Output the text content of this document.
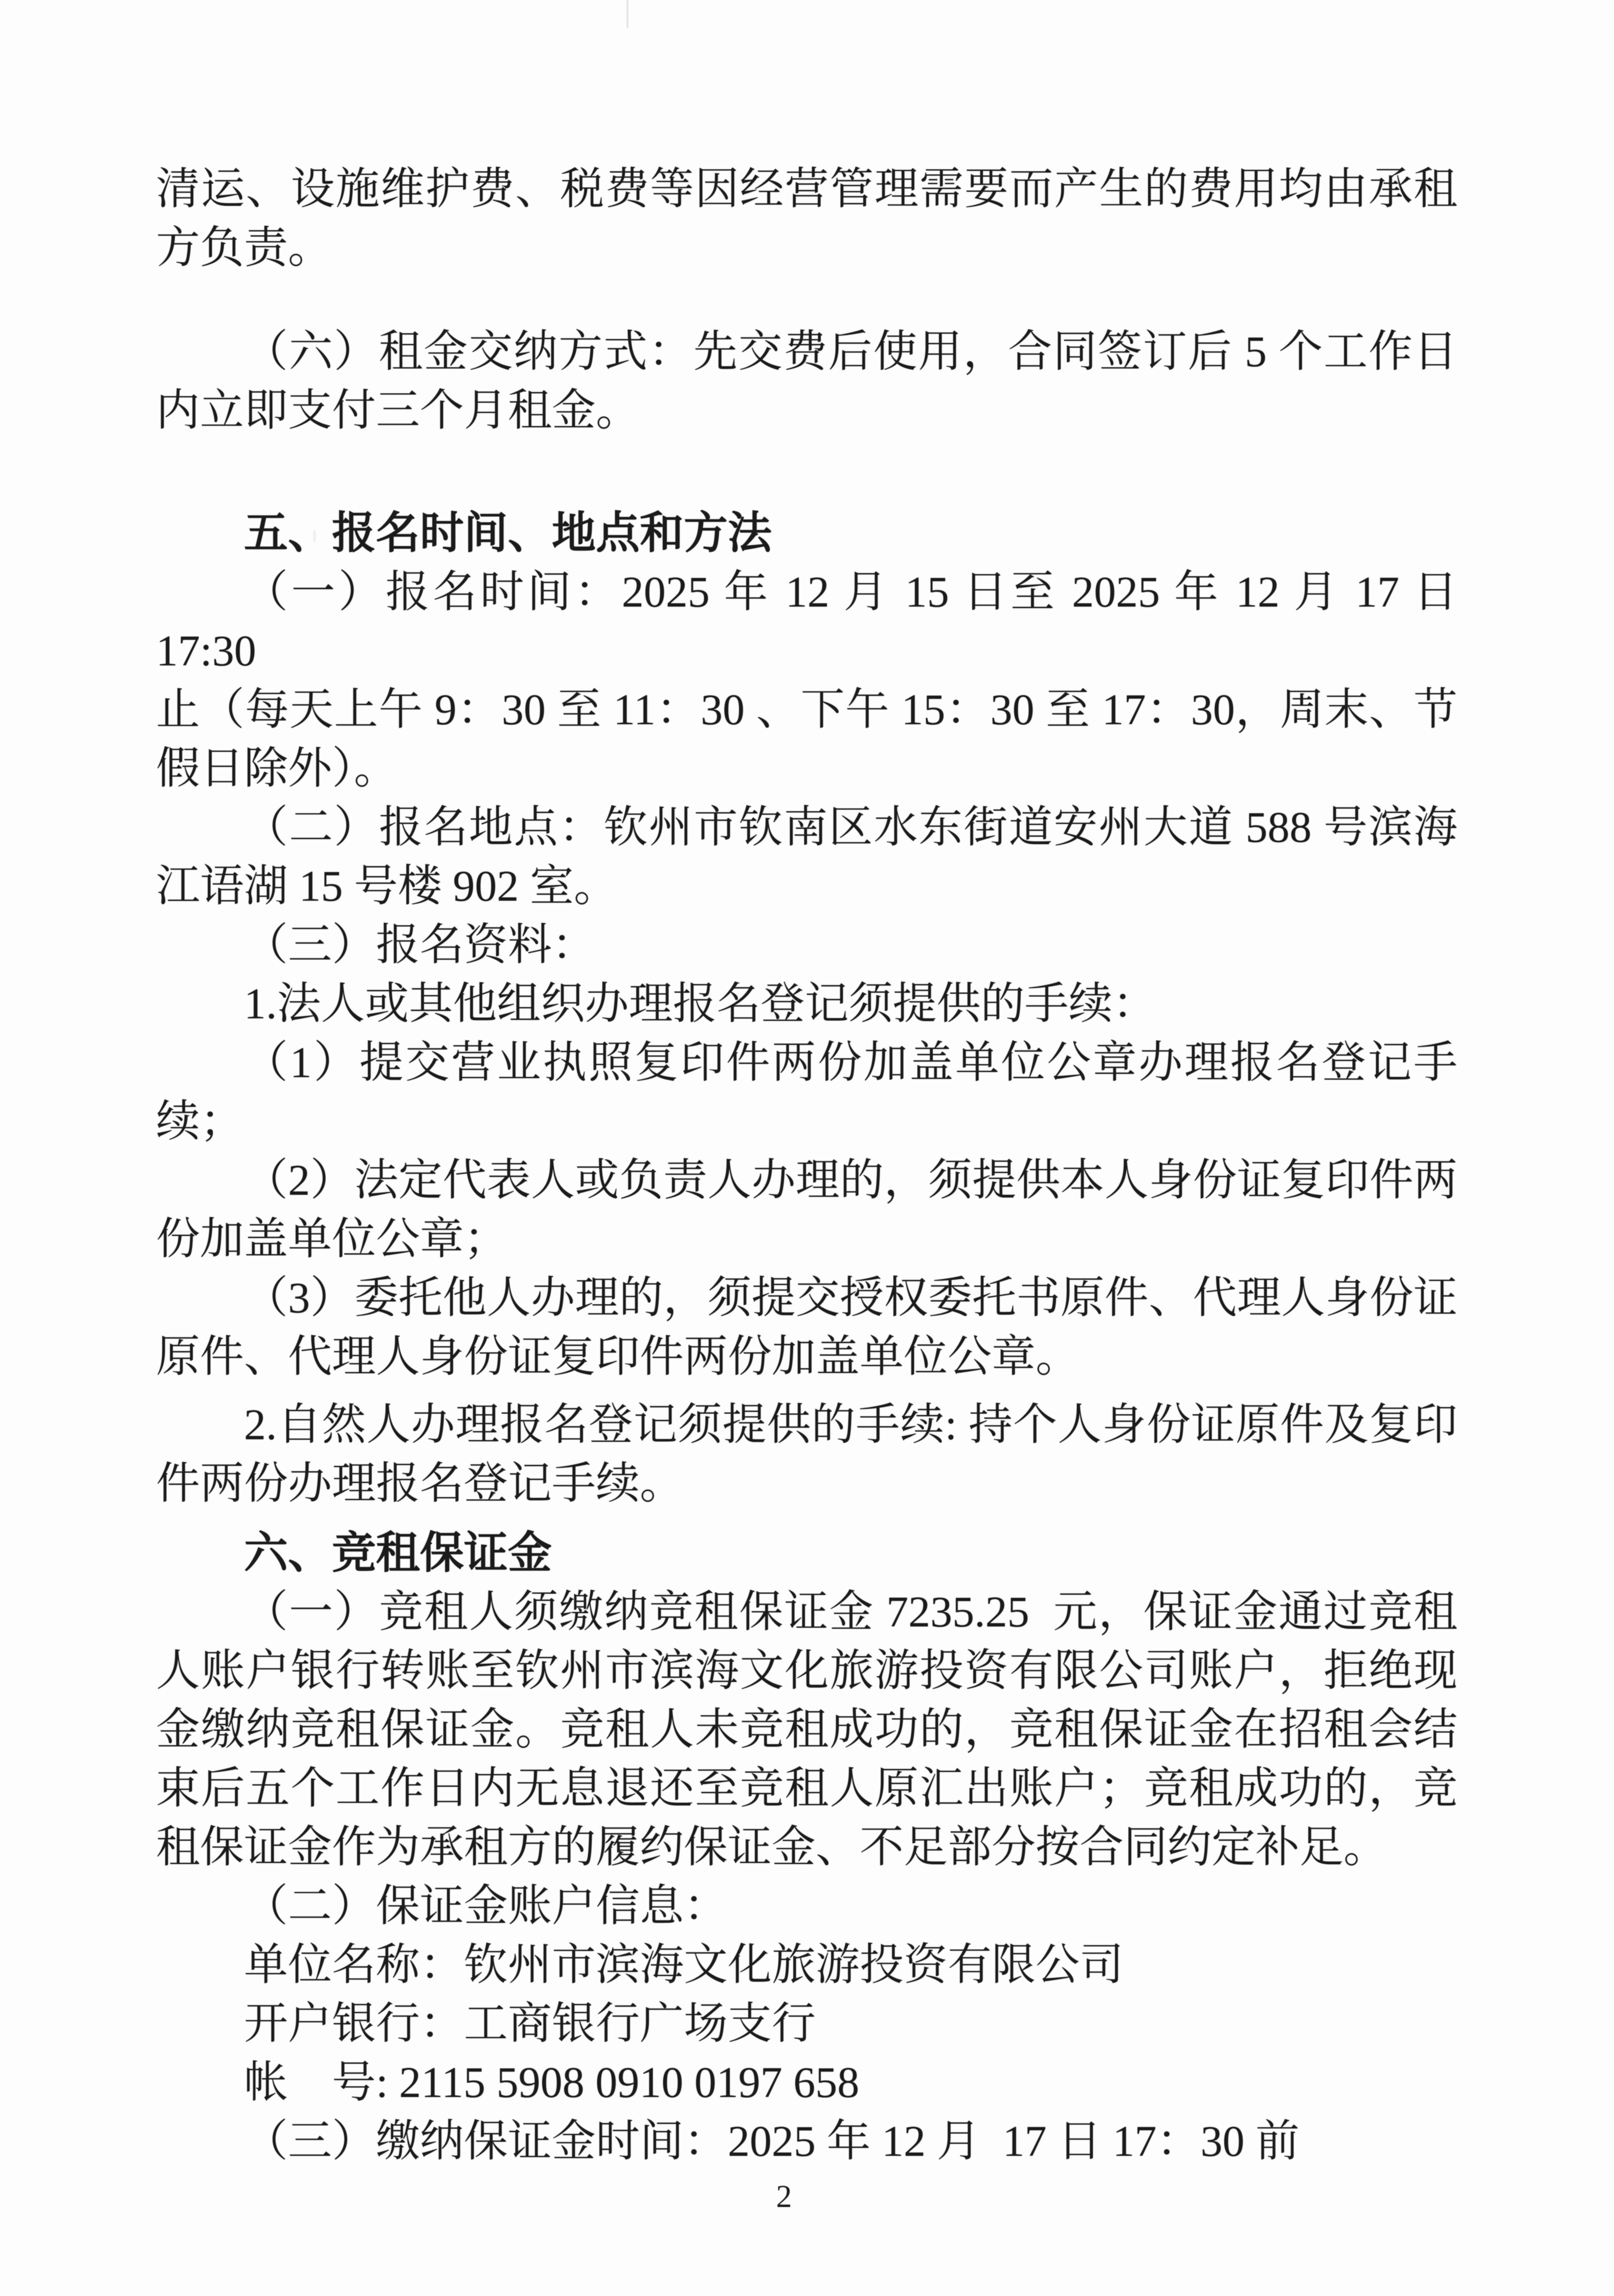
清运、设施维护费、税费等因经营管理需要而产生的费用均由承租
方负责。
（六）租金交纳方式：先交费后使用，合同签订后 5 个工作日
内立即支付三个月租金。
五、报名时间、地点和方法
（一）报名时间：2025 年 12 月 15 日至 2025 年 12 月 17 日 17:30
止（每天上午 9：30 至 11：30 、下午 15：30 至 17：30，周末、节
假日除外）。
（二）报名地点：钦州市钦南区水东街道安州大道 588 号滨海
江语湖 15 号楼 902 室。
（三）报名资料：
1.法人或其他组织办理报名登记须提供的手续：
（1）提交营业执照复印件两份加盖单位公章办理报名登记手
续；
（2）法定代表人或负责人办理的，须提供本人身份证复印件两
份加盖单位公章；
（3）委托他人办理的，须提交授权委托书原件、代理人身份证
原件、代理人身份证复印件两份加盖单位公章。
2.自然人办理报名登记须提供的手续: 持个人身份证原件及复印
件两份办理报名登记手续。
六、竞租保证金
（一）竞租人须缴纳竞租保证金 7235.25  元，保证金通过竞租
人账户银行转账至钦州市滨海文化旅游投资有限公司账户，拒绝现
金缴纳竞租保证金。竞租人未竞租成功的，竞租保证金在招租会结
束后五个工作日内无息退还至竞租人原汇出账户；竞租成功的，竞
租保证金作为承租方的履约保证金、不足部分按合同约定补足。
（二）保证金账户信息：
单位名称：钦州市滨海文化旅游投资有限公司
开户银行：工商银行广场支行
帐　号: 2115 5908 0910 0197 658
（三）缴纳保证金时间：2025 年 12 月  17 日 17：30 前
2
